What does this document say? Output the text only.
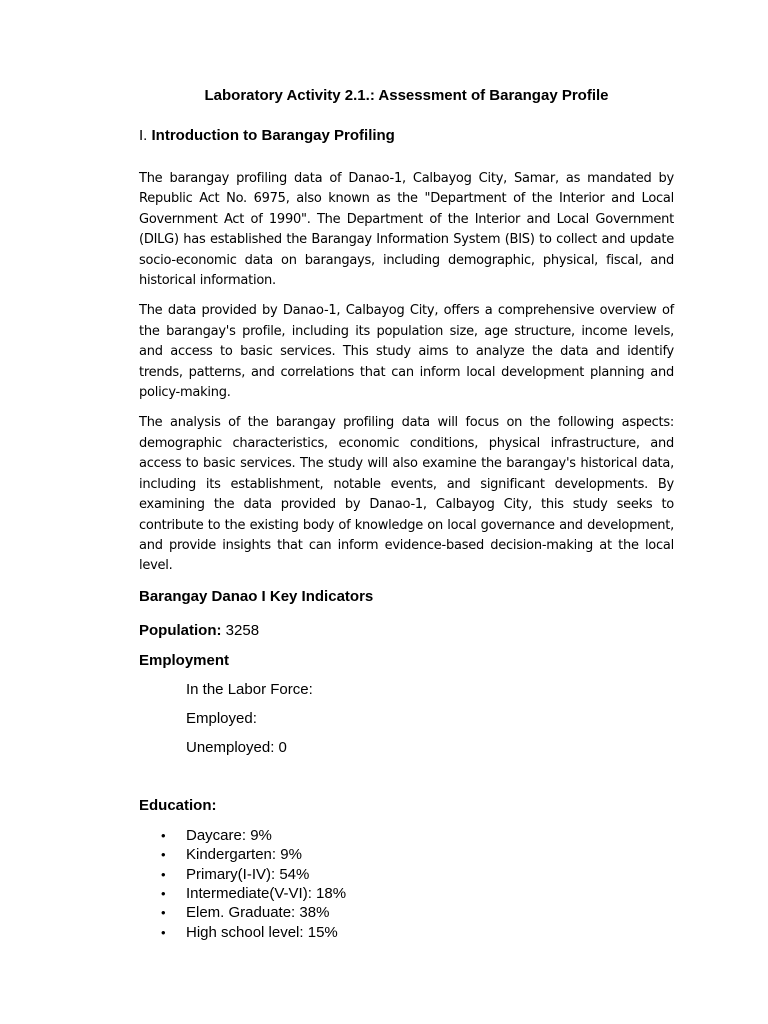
Laboratory Activity 2.1.: Assessment of Barangay Profile
I. Introduction to Barangay Profiling

The barangay profiling data of Danao-1, Calbayog City, Samar, as mandated by Republic Act No. 6975, also known as the "Department of the Interior and Local Government Act of 1990". The Department of the Interior and Local Government (DILG) has established the Barangay Information System (BIS) to collect and update socio-economic data on barangays, including demographic, physical, fiscal, and historical information.

The data provided by Danao-1, Calbayog City, offers a comprehensive overview of the barangay's profile, including its population size, age structure, income levels, and access to basic services. This study aims to analyze the data and identify trends, patterns, and correlations that can inform local development planning and policy-making.

The analysis of the barangay profiling data will focus on the following aspects: demographic characteristics, economic conditions, physical infrastructure, and access to basic services. The study will also examine the barangay's historical data, including its establishment, notable events, and significant developments. By examining the data provided by Danao-1, Calbayog City, this study seeks to contribute to the existing body of knowledge on local governance and development, and provide insights that can inform evidence-based decision-making at the local level.

Barangay Danao I Key Indicators
Population: 3258
Employment
In the Labor Force:
Employed:
Unemployed: 0
Education:
• Daycare: 9%
• Kindergarten: 9%
• Primary(I-IV): 54%
• Intermediate(V-VI): 18%
• Elem. Graduate: 38%
• High school level: 15%
